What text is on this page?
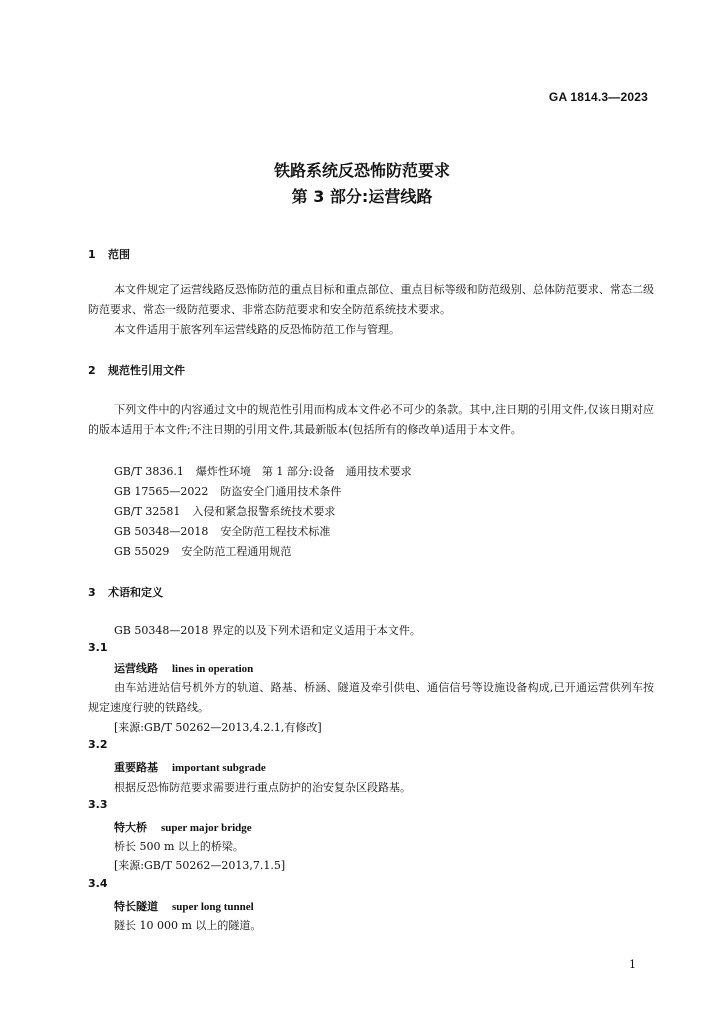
GA 1814.3—2023
铁路系统反恐怖防范要求
第 3 部分:运营线路
1 范围
本文件规定了运营线路反恐怖防范的重点目标和重点部位、重点目标等级和防范级别、总体防范要求、常态二级防范要求、常态一级防范要求、非常态防范要求和安全防范系统技术要求。
本文件适用于旅客列车运营线路的反恐怖防范工作与管理。
2 规范性引用文件
下列文件中的内容通过文中的规范性引用而构成本文件必不可少的条款。其中,注日期的引用文件,仅该日期对应的版本适用于本文件;不注日期的引用文件,其最新版本(包括所有的修改单)适用于本文件。
GB/T 3836.1 爆炸性环境　第 1 部分:设备　通用技术要求
GB 17565—2022 防盗安全门通用技术条件
GB/T 32581 入侵和紧急报警系统技术要求
GB 50348—2018 安全防范工程技术标准
GB 55029 安全防范工程通用规范
3 术语和定义
GB 50348—2018 界定的以及下列术语和定义适用于本文件。
3.1
运营线路 lines in operation
由车站进站信号机外方的轨道、路基、桥涵、隧道及牵引供电、通信信号等设施设备构成,已开通运营供列车按规定速度行驶的铁路线。
[来源:GB/T 50262—2013,4.2.1,有修改]
3.2
重要路基 important subgrade
根据反恐怖防范要求需要进行重点防护的治安复杂区段路基。
3.3
特大桥 super major bridge
桥长 500 m 以上的桥梁。
[来源:GB/T 50262—2013,7.1.5]
3.4
特长隧道 super long tunnel
隧长 10 000 m 以上的隧道。
1
